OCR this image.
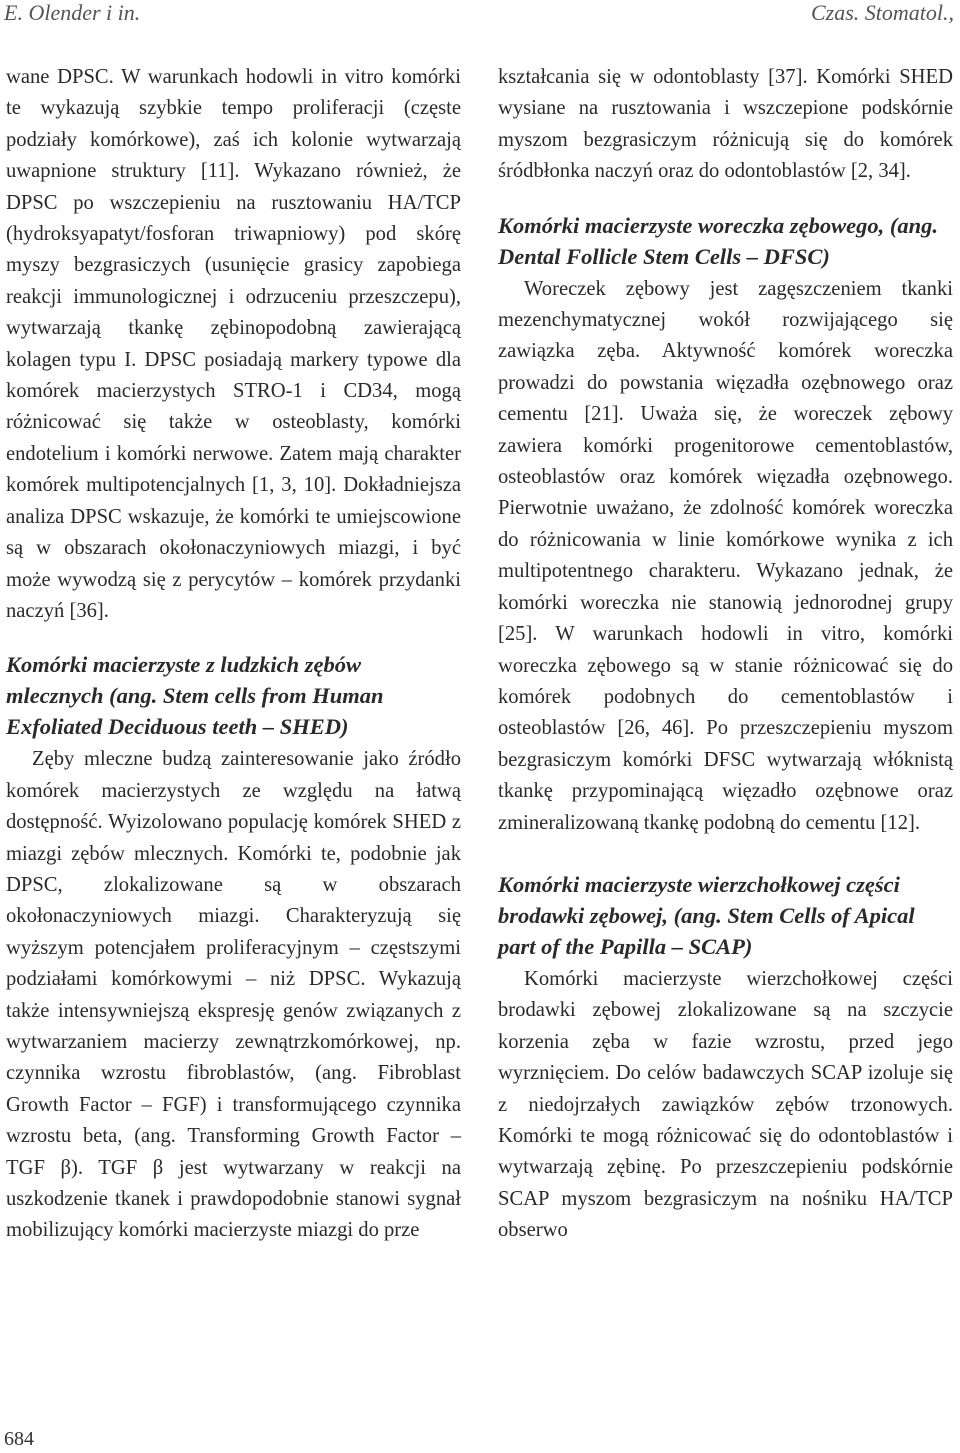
E. Olender i in.	Czas. Stomatol.,

wane DPSC. W warunkach hodowli in vitro komórki te wykazują szybkie tempo proliferacji (częste podziały komórkowe), zaś ich kolonie wytwarzają uwapnione struktury [11]. Wykazano również, że DPSC po wszczepieniu na rusztowaniu HA/TCP (hydroksyapatyt/fosforan triwapniowy) pod skórę myszy bezgrasiczych (usunięcie grasicy zapobiega reakcji immunologicznej i odrzuceniu przeszczepu), wytwarzają tkankę zębinopodobną zawierającą kolagen typu I. DPSC posiadają markery typowe dla komórek macierzystych STRO-1 i CD34, mogą różnicować się także w osteoblasty, komórki endotelium i komórki nerwowe. Zatem mają charakter komórek multipotencjalnych [1, 3, 10]. Dokładniejsza analiza DPSC wskazuje, że komórki te umiejscowione są w obszarach okołonaczyniowych miazgi, i być może wywodzą się z perycytów – komórek przydanki naczyń [36].

Komórki macierzyste z ludzkich zębów mlecznych (ang. Stem cells from Human Exfoliated Deciduous teeth – SHED)

Zęby mleczne budzą zainteresowanie jako źródło komórek macierzystych ze względu na łatwą dostępność. Wyizolowano populację komórek SHED z miazgi zębów mlecznych. Komórki te, podobnie jak DPSC, zlokalizowane są w obszarach okołonaczyniowych miazgi. Charakteryzują się wyższym potencjałem proliferacyjnym – częstszymi podziałami komórkowymi – niż DPSC. Wykazują także intensywniejszą ekspresję genów związanych z wytwarzaniem macierzy zewnątrzkomórkowej, np. czynnika wzrostu fibroblastów, (ang. Fibroblast Growth Factor – FGF) i transformującego czynnika wzrostu beta, (ang. Transforming Growth Factor – TGF β). TGF β jest wytwarzany w reakcji na uszkodzenie tkanek i prawdopodobnie stanowi sygnał mobilizujący komórki macierzyste miazgi do prze

kształcania się w odontoblasty [37]. Komórki SHED wysiane na rusztowania i wszczepione podskórnie myszom bezgrasiczym różnicują się do komórek śródbłonka naczyń oraz do odontoblastów [2, 34].

Komórki macierzyste woreczka zębowego, (ang. Dental Follicle Stem Cells – DFSC)

Woreczek zębowy jest zagęszczeniem tkanki mezenchymatycznej wokół rozwijającego się zawiązka zęba. Aktywność komórek woreczka prowadzi do powstania więzadła ozębnowego oraz cementu [21]. Uważa się, że woreczek zębowy zawiera komórki progenitorowe cementoblastów, osteoblastów oraz komórek więzadła ozębnowego. Pierwotnie uważano, że zdolność komórek woreczka do różnicowania w linie komórkowe wynika z ich multipotentnego charakteru. Wykazano jednak, że komórki woreczka nie stanowią jednorodnej grupy [25]. W warunkach hodowli in vitro, komórki woreczka zębowego są w stanie różnicować się do komórek podobnych do cementoblastów i osteoblastów [26, 46]. Po przeszczepieniu myszom bezgrasiczym komórki DFSC wytwarzają włóknistą tkankę przypominającą więzadło ozębnowe oraz zmineralizowaną tkankę podobną do cementu [12].

Komórki macierzyste wierzchołkowej części brodawki zębowej, (ang. Stem Cells of Apical part of the Papilla – SCAP)

Komórki macierzyste wierzchołkowej części brodawki zębowej zlokalizowane są na szczycie korzenia zęba w fazie wzrostu, przed jego wyrznięciem. Do celów badawczych SCAP izoluje się z niedojrzałych zawiązków zębów trzonowych. Komórki te mogą różnicować się do odontoblastów i wytwarzają zębinę. Po przeszczepieniu podskórnie SCAP myszom bezgrasiczym na nośniku HA/TCP obserwo

684
